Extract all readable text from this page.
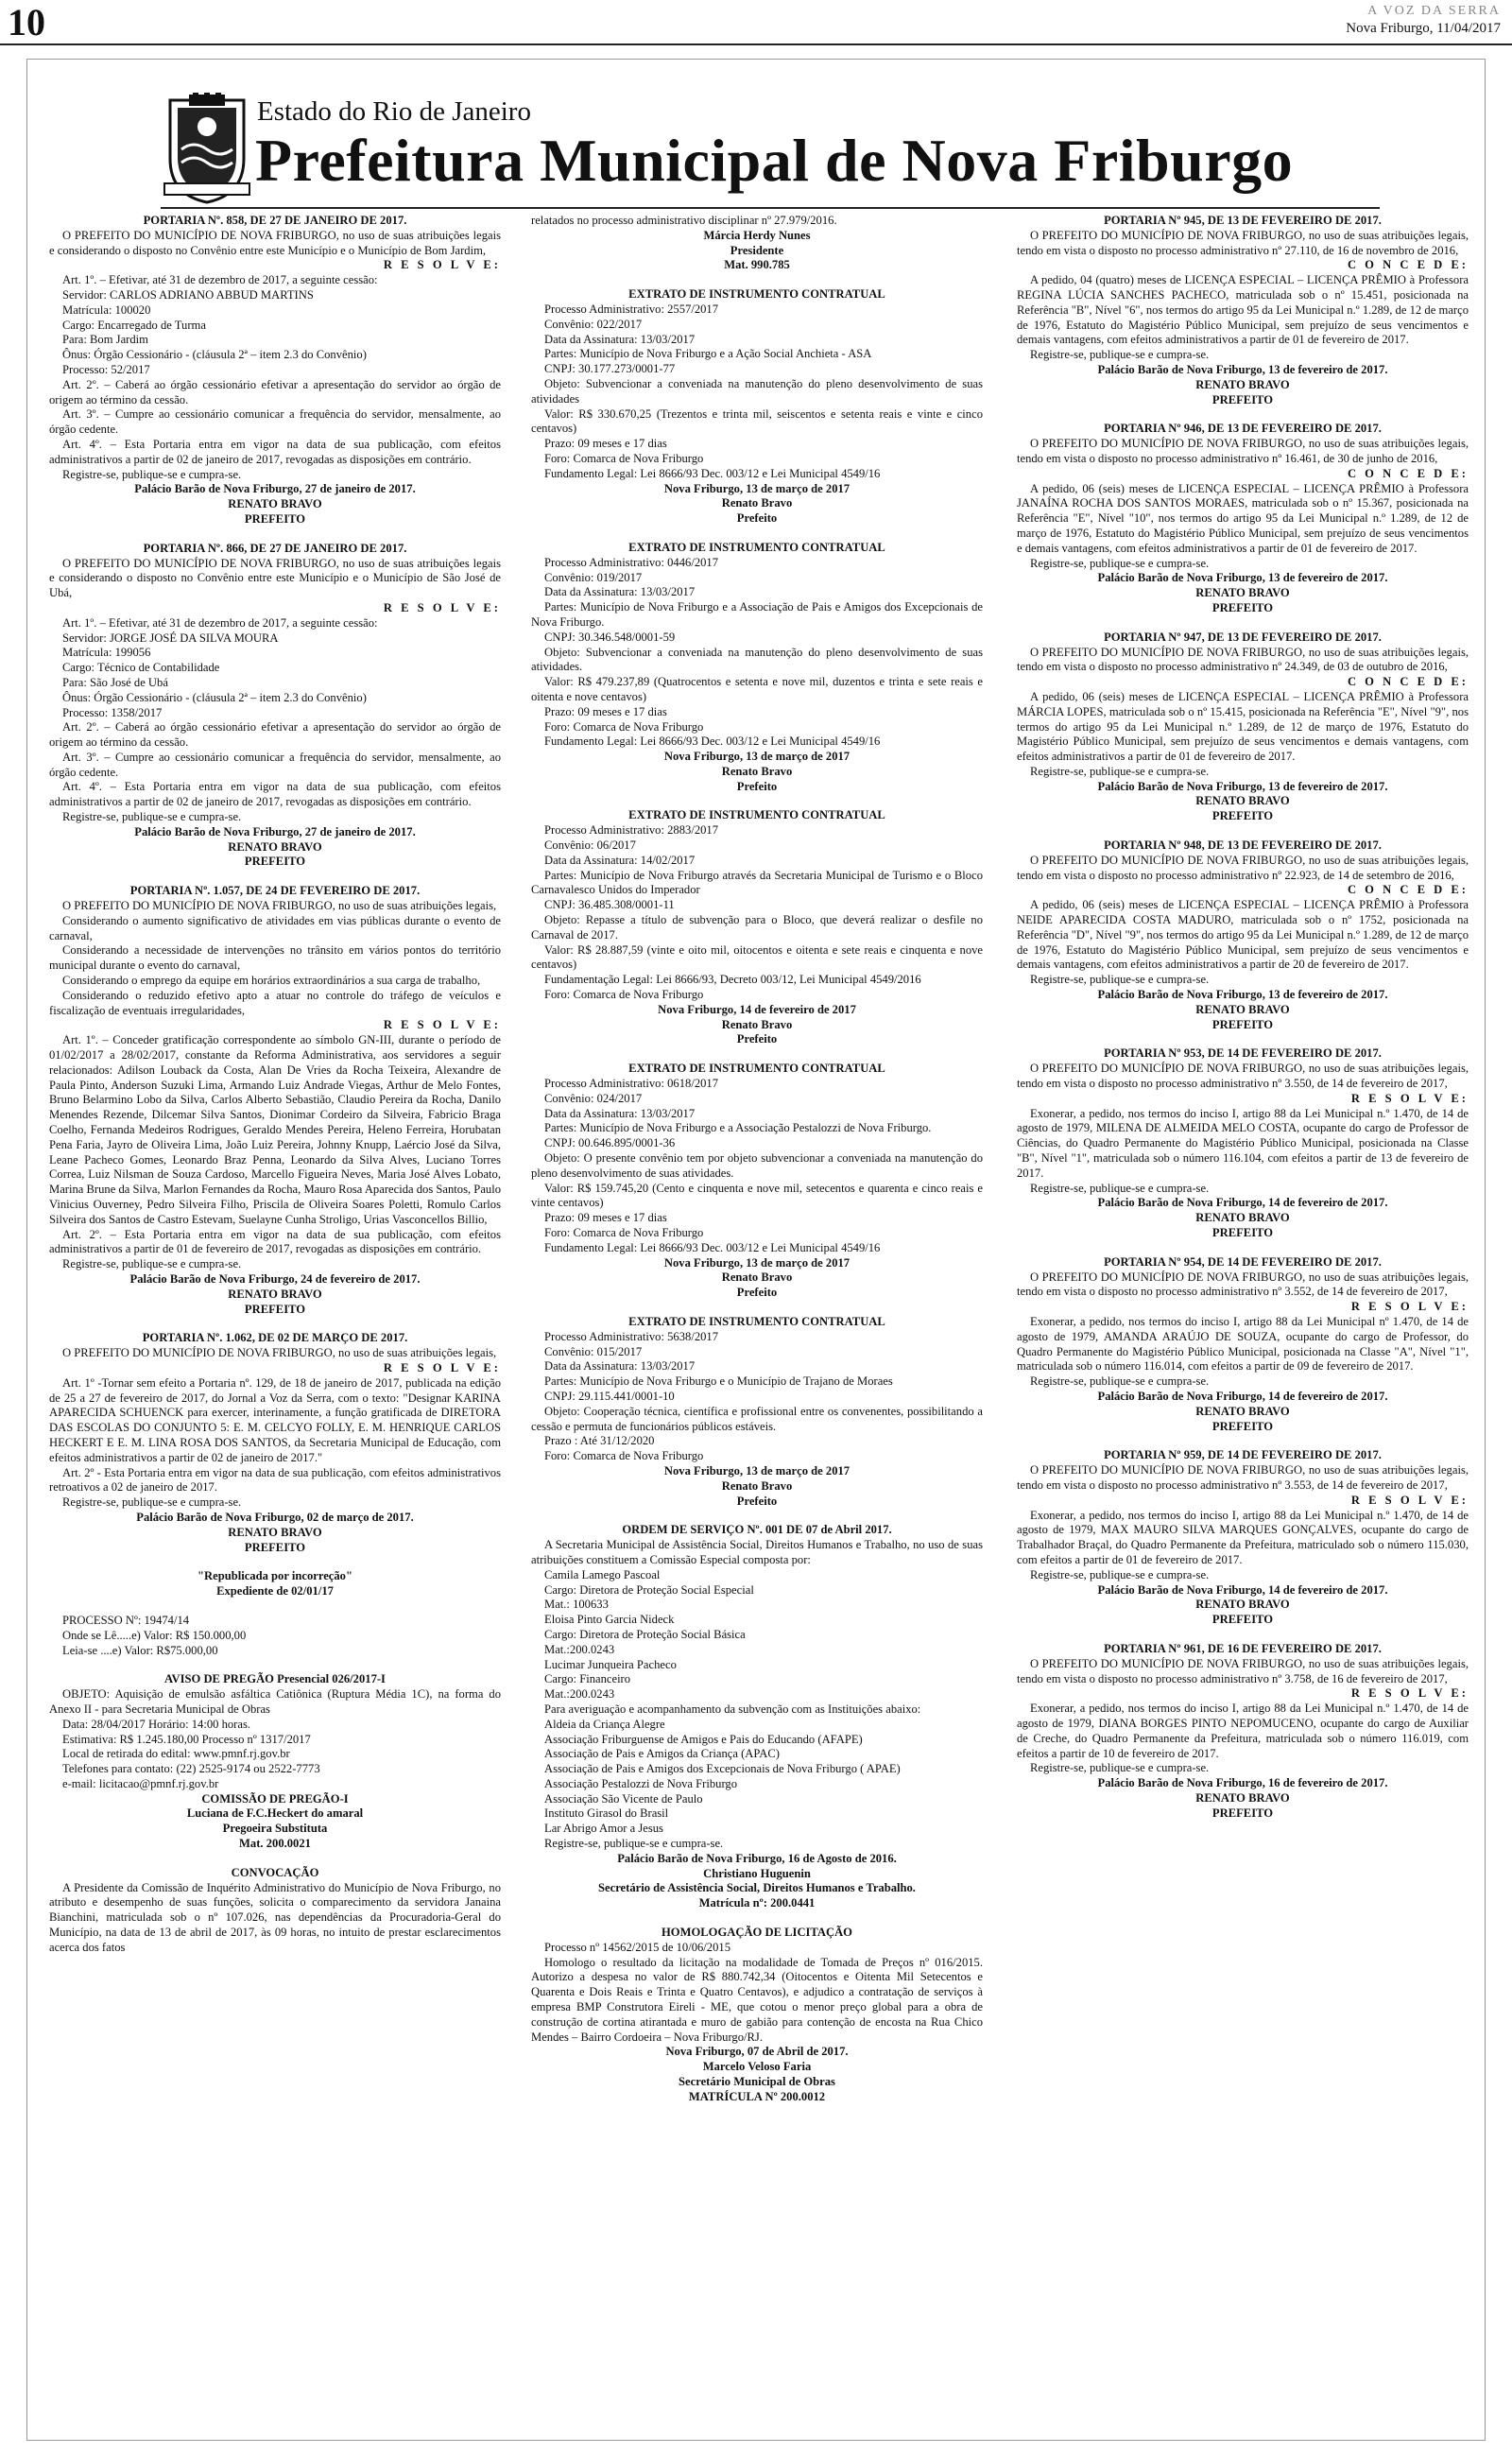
10	A VOZ DA SERRA
Nova Friburgo, 11/04/2017
Estado do Rio de Janeiro
Prefeitura Municipal de Nova Friburgo

PORTARIA Nº. 858, DE 27 DE JANEIRO DE 2017.

O PREFEITO DO MUNICÍPIO DE NOVA FRIBURGO, no uso de suas atribuições legais e considerando o disposto no Convênio entre este Município e o Município de Bom Jardim,

R E S O L V E:

Art. 1º. – Efetivar, até 31 de dezembro de 2017, a seguinte cessão:

Servidor: CARLOS ADRIANO ABBUD MARTINS

Matrícula: 100020

Cargo: Encarregado de Turma

Para: Bom Jardim

Ônus: Órgão Cessionário - (cláusula 2ª – item 2.3 do Convênio)

Processo: 52/2017

Art. 2º. – Caberá ao órgão cessionário efetivar a apresentação do servidor ao órgão de origem ao término da cessão.

Art. 3º. – Cumpre ao cessionário comunicar a frequência do servidor, mensalmente, ao órgão cedente.

Art. 4º. – Esta Portaria entra em vigor na data de sua publicação, com efeitos administrativos a partir de 02 de janeiro de 2017, revogadas as disposições em contrário.

Registre-se, publique-se e cumpra-se.

Palácio Barão de Nova Friburgo, 27 de janeiro de 2017.

RENATO BRAVO

PREFEITO

PORTARIA Nº. 866, DE 27 DE JANEIRO DE 2017.

O PREFEITO DO MUNICÍPIO DE NOVA FRIBURGO, no uso de suas atribuições legais e considerando o disposto no Convênio entre este Município e o Município de São José de Ubá,

R E S O L V E:

Art. 1º. – Efetivar, até 31 de dezembro de 2017, a seguinte cessão:

Servidor: JORGE JOSÉ DA SILVA MOURA

Matrícula: 199056

Cargo: Técnico de Contabilidade

Para: São José de Ubá

Ônus: Órgão Cessionário - (cláusula 2ª – item 2.3 do Convênio)

Processo: 1358/2017

Art. 2º. – Caberá ao órgão cessionário efetivar a apresentação do servidor ao órgão de origem ao término da cessão.

Art. 3º. – Cumpre ao cessionário comunicar a frequência do servidor, mensalmente, ao órgão cedente.

Art. 4º. – Esta Portaria entra em vigor na data de sua publicação, com efeitos administrativos a partir de 02 de janeiro de 2017, revogadas as disposições em contrário.

Registre-se, publique-se e cumpra-se.

Palácio Barão de Nova Friburgo, 27 de janeiro de 2017.

RENATO BRAVO

PREFEITO

PORTARIA Nº. 1.057, DE 24 DE FEVEREIRO DE 2017.

O PREFEITO DO MUNICÍPIO DE NOVA FRIBURGO, no uso de suas atribuições legais,

Considerando o aumento significativo de atividades em vias públicas durante o evento de carnaval,

Considerando a necessidade de intervenções no trânsito em vários pontos do território municipal durante o evento do carnaval,

Considerando o emprego da equipe em horários extraordinários a sua carga de trabalho,

Considerando o reduzido efetivo apto a atuar no controle do tráfego de veículos e fiscalização de eventuais irregularidades,

R E S O L V E:

Art. 1º. – Conceder gratificação correspondente ao símbolo GN-III, durante o período de 01/02/2017 a 28/02/2017, constante da Reforma Administrativa, aos servidores a seguir relacionados: Adilson Louback da Costa, Alan De Vries da Rocha Teixeira, Alexandre de Paula Pinto, Anderson Suzuki Lima, Armando Luiz Andrade Viegas, Arthur de Melo Fontes, Bruno Belarmino Lobo da Silva, Carlos Alberto Sebastião, Claudio Pereira da Rocha, Danilo Menendes Rezende, Dilcemar Silva Santos, Dionimar Cordeiro da Silveira, Fabricio Braga Coelho, Fernanda Medeiros Rodrigues, Geraldo Mendes Pereira, Heleno Ferreira, Horubatan Pena Faria, Jayro de Oliveira Lima, João Luiz Pereira, Johnny Knupp, Laércio José da Silva, Leane Pacheco Gomes, Leonardo Braz Penna, Leonardo da Silva Alves, Luciano Torres Correa, Luiz Nilsman de Souza Cardoso, Marcello Figueira Neves, Maria José Alves Lobato, Marina Brune da Silva, Marlon Fernandes da Rocha, Mauro Rosa Aparecida dos Santos, Paulo Vinicius Ouverney, Pedro Silveira Filho, Priscila de Oliveira Soares Poletti, Romulo Carlos Silveira dos Santos de Castro Estevam, Suelayne Cunha Stroligo, Urias Vasconcellos Billio,

Art. 2º. – Esta Portaria entra em vigor na data de sua publicação, com efeitos administrativos a partir de 01 de fevereiro de 2017, revogadas as disposições em contrário.

Registre-se, publique-se e cumpra-se.

Palácio Barão de Nova Friburgo, 24 de fevereiro de 2017.

RENATO BRAVO

PREFEITO

PORTARIA Nº. 1.062, DE 02 DE MARÇO DE 2017.

O PREFEITO DO MUNICÍPIO DE NOVA FRIBURGO, no uso de suas atribuições legais,

R E S O L V E:

Art. 1º -Tornar sem efeito a Portaria nº. 129, de 18 de janeiro de 2017, publicada na edição de 25 a 27 de fevereiro de 2017, do Jornal a Voz da Serra, com o texto: "Designar KARINA APARECIDA SCHUENCK para exercer, interinamente, a função gratificada de DIRETORA DAS ESCOLAS DO CONJUNTO 5: E. M. CELCYO FOLLY, E. M. HENRIQUE CARLOS HECKERT E E. M. LINA ROSA DOS SANTOS, da Secretaria Municipal de Educação, com efeitos administrativos a partir de 02 de janeiro de 2017."

Art. 2º - Esta Portaria entra em vigor na data de sua publicação, com efeitos administrativos retroativos a 02 de janeiro de 2017.

Registre-se, publique-se e cumpra-se.

Palácio Barão de Nova Friburgo, 02 de março de 2017.

RENATO BRAVO

PREFEITO

"Republicada por incorreção"

Expediente de 02/01/17

PROCESSO Nº: 19474/14

Onde se Lê.....e) Valor: R$ 150.000,00

Leia-se ....e) Valor: R$75.000,00

AVISO DE PREGÃO Presencial 026/2017-I

OBJETO: Aquisição de emulsão asfáltica Catiônica (Ruptura Média 1C), na forma do Anexo II - para Secretaria Municipal de Obras

Data: 28/04/2017 Horário: 14:00 horas.

Estimativa: R$ 1.245.180,00 Processo nº 1317/2017

Local de retirada do edital: www.pmnf.rj.gov.br

Telefones para contato: (22) 2525-9174 ou 2522-7773

e-mail: licitacao@pmnf.rj.gov.br

COMISSÃO DE PREGÃO-I

Luciana de F.C.Heckert do amaral

Pregoeira Substituta

Mat. 200.0021

CONVOCAÇÃO

A Presidente da Comissão de Inquérito Administrativo do Município de Nova Friburgo, no atributo e desempenho de suas funções, solicita o comparecimento da servidora Janaina Bianchini, matriculada sob o nº 107.026, nas dependências da Procuradoria-Geral do Município, na data de 13 de abril de 2017, às 09 horas, no intuito de prestar esclarecimentos acerca dos fatos

relatados no processo administrativo disciplinar nº 27.979/2016.

Márcia Herdy Nunes

Presidente

Mat. 990.785

EXTRATO DE INSTRUMENTO CONTRATUAL

Processo Administrativo: 2557/2017

Convênio: 022/2017

Data da Assinatura: 13/03/2017

Partes: Município de Nova Friburgo e a Ação Social Anchieta - ASA

CNPJ: 30.177.273/0001-77

Objeto: Subvencionar a conveniada na manutenção do pleno desenvolvimento de suas atividades

Valor: R$ 330.670,25 (Trezentos e trinta mil, seiscentos e setenta reais e vinte e cinco centavos)

Prazo: 09 meses e 17 dias

Foro: Comarca de Nova Friburgo

Fundamento Legal: Lei 8666/93 Dec. 003/12 e Lei Municipal 4549/16

Nova Friburgo, 13 de março de 2017

Renato Bravo

Prefeito

EXTRATO DE INSTRUMENTO CONTRATUAL

Processo Administrativo: 0446/2017

Convênio: 019/2017

Data da Assinatura: 13/03/2017

Partes: Município de Nova Friburgo e a Associação de Pais e Amigos dos Excepcionais de Nova Friburgo.

CNPJ: 30.346.548/0001-59

Objeto: Subvencionar a conveniada na manutenção do pleno desenvolvimento de suas atividades.

Valor: R$ 479.237,89 (Quatrocentos e setenta e nove mil, duzentos e trinta e sete reais e oitenta e nove centavos)

Prazo: 09 meses e 17 dias

Foro: Comarca de Nova Friburgo

Fundamento Legal: Lei 8666/93 Dec. 003/12 e Lei Municipal 4549/16

Nova Friburgo, 13 de março de 2017

Renato Bravo

Prefeito

EXTRATO DE INSTRUMENTO CONTRATUAL

Processo Administrativo: 2883/2017

Convênio: 06/2017

Data da Assinatura: 14/02/2017

Partes: Município de Nova Friburgo através da Secretaria Municipal de Turismo e o Bloco Carnavalesco Unidos do Imperador

CNPJ: 36.485.308/0001-11

Objeto: Repasse a título de subvenção para o Bloco, que deverá realizar o desfile no Carnaval de 2017.

Valor: R$ 28.887,59 (vinte e oito mil, oitocentos e oitenta e sete reais e cinquenta e nove centavos)

Fundamentação Legal: Lei 8666/93, Decreto 003/12, Lei Municipal 4549/2016

Foro: Comarca de Nova Friburgo

Nova Friburgo, 14 de fevereiro de 2017

Renato Bravo

Prefeito

EXTRATO DE INSTRUMENTO CONTRATUAL

Processo Administrativo: 0618/2017

Convênio: 024/2017

Data da Assinatura: 13/03/2017

Partes: Município de Nova Friburgo e a Associação Pestalozzi de Nova Friburgo.

CNPJ: 00.646.895/0001-36

Objeto: O presente convênio tem por objeto subvencionar a conveniada na manutenção do pleno desenvolvimento de suas atividades.

Valor: R$ 159.745,20 (Cento e cinquenta e nove mil, setecentos e quarenta e cinco reais e vinte centavos)

Prazo: 09 meses e 17 dias

Foro: Comarca de Nova Friburgo

Fundamento Legal: Lei 8666/93 Dec. 003/12 e Lei Municipal 4549/16

Nova Friburgo, 13 de março de 2017

Renato Bravo

Prefeito

EXTRATO DE INSTRUMENTO CONTRATUAL

Processo Administrativo: 5638/2017

Convênio: 015/2017

Data da Assinatura: 13/03/2017

Partes: Município de Nova Friburgo e o Município de Trajano de Moraes

CNPJ: 29.115.441/0001-10

Objeto: Cooperação técnica, científica e profissional entre os convenentes, possibilitando a cessão e permuta de funcionários públicos estáveis.

Prazo : Até 31/12/2020

Foro: Comarca de Nova Friburgo

Nova Friburgo, 13 de março de 2017

Renato Bravo

Prefeito

ORDEM DE SERVIÇO Nº. 001 DE 07 de Abril 2017.

A Secretaria Municipal de Assistência Social, Direitos Humanos e Trabalho, no uso de suas atribuições constituem a Comissão Especial composta por:

Camila Lamego Pascoal

Cargo: Diretora de Proteção Social Especial

Mat.: 100633

Eloisa Pinto Garcia Nideck

Cargo: Diretora de Proteção Social Básica

Mat.:200.0243

Lucimar Junqueira Pacheco

Cargo: Financeiro

Mat.:200.0243

Para averiguação e acompanhamento da subvenção com as Instituições abaixo:

Aldeia da Criança Alegre

Associação Friburguense de Amigos e Pais do Educando (AFAPE)

Associação de Pais e Amigos da Criança (APAC)

Associação de Pais e Amigos dos Excepcionais de Nova Friburgo ( APAE)

Associação Pestalozzi de Nova Friburgo

Associação São Vicente de Paulo

Instituto Girasol do Brasil

Lar Abrigo Amor a Jesus

Registre-se, publique-se e cumpra-se.

Palácio Barão de Nova Friburgo, 16 de Agosto de 2016.

Christiano Huguenin

Secretário de Assistência Social, Direitos Humanos e Trabalho.

Matrícula nº: 200.0441

HOMOLOGAÇÃO DE LICITAÇÃO

Processo nº 14562/2015 de 10/06/2015

Homologo o resultado da licitação na modalidade de Tomada de Preços nº 016/2015. Autorizo a despesa no valor de R$ 880.742,34 (Oitocentos e Oitenta Mil Setecentos e Quarenta e Dois Reais e Trinta e Quatro Centavos), e adjudico a contratação de serviços à empresa BMP Construtora Eireli - ME, que cotou o menor preço global para a obra de construção de cortina atirantada e muro de gabião para contenção de encosta na Rua Chico Mendes – Bairro Cordoeira – Nova Friburgo/RJ.

Nova Friburgo, 07 de Abril de 2017.

Marcelo Veloso Faria

Secretário Municipal de Obras

MATRÍCULA Nº 200.0012

PORTARIA Nº 945, DE 13 DE FEVEREIRO DE 2017.

O PREFEITO DO MUNICÍPIO DE NOVA FRIBURGO, no uso de suas atribuições legais, tendo em vista o disposto no processo administrativo nº 27.110, de 16 de novembro de 2016,

C O N C E D E:

A pedido, 04 (quatro) meses de LICENÇA ESPECIAL – LICENÇA PRÊMIO à Professora REGINA LÚCIA SANCHES PACHECO, matriculada sob o nº 15.451, posicionada na Referência "B", Nível "6", nos termos do artigo 95 da Lei Municipal n.º 1.289, de 12 de março de 1976, Estatuto do Magistério Público Municipal, sem prejuízo de seus vencimentos e demais vantagens, com efeitos administrativos a partir de 01 de fevereiro de 2017.

Registre-se, publique-se e cumpra-se.

Palácio Barão de Nova Friburgo, 13 de fevereiro de 2017.

RENATO BRAVO

PREFEITO

PORTARIA Nº 946, DE 13 DE FEVEREIRO DE 2017.

O PREFEITO DO MUNICÍPIO DE NOVA FRIBURGO, no uso de suas atribuições legais, tendo em vista o disposto no processo administrativo nº 16.461, de 30 de junho de 2016,

C O N C E D E:

A pedido, 06 (seis) meses de LICENÇA ESPECIAL – LICENÇA PRÊMIO à Professora JANAÍNA ROCHA DOS SANTOS MORAES, matriculada sob o nº 15.367, posicionada na Referência "E", Nível "10", nos termos do artigo 95 da Lei Municipal n.º 1.289, de 12 de março de 1976, Estatuto do Magistério Público Municipal, sem prejuízo de seus vencimentos e demais vantagens, com efeitos administrativos a partir de 01 de fevereiro de 2017.

Registre-se, publique-se e cumpra-se.

Palácio Barão de Nova Friburgo, 13 de fevereiro de 2017.

RENATO BRAVO

PREFEITO

PORTARIA Nº 947, DE 13 DE FEVEREIRO DE 2017.

O PREFEITO DO MUNICÍPIO DE NOVA FRIBURGO, no uso de suas atribuições legais, tendo em vista o disposto no processo administrativo nº 24.349, de 03 de outubro de 2016,

C O N C E D E:

A pedido, 06 (seis) meses de LICENÇA ESPECIAL – LICENÇA PRÊMIO à Professora MÁRCIA LOPES, matriculada sob o nº 15.415, posicionada na Referência "E", Nível "9", nos termos do artigo 95 da Lei Municipal n.º 1.289, de 12 de março de 1976, Estatuto do Magistério Público Municipal, sem prejuízo de seus vencimentos e demais vantagens, com efeitos administrativos a partir de 01 de fevereiro de 2017.

Registre-se, publique-se e cumpra-se.

Palácio Barão de Nova Friburgo, 13 de fevereiro de 2017.

RENATO BRAVO

PREFEITO

PORTARIA Nº 948, DE 13 DE FEVEREIRO DE 2017.

O PREFEITO DO MUNICÍPIO DE NOVA FRIBURGO, no uso de suas atribuições legais, tendo em vista o disposto no processo administrativo nº 22.923, de 14 de setembro de 2016,

C O N C E D E:

A pedido, 06 (seis) meses de LICENÇA ESPECIAL – LICENÇA PRÊMIO à Professora NEIDE APARECIDA COSTA MADURO, matriculada sob o nº 1752, posicionada na Referência "D", Nível "9", nos termos do artigo 95 da Lei Municipal n.º 1.289, de 12 de março de 1976, Estatuto do Magistério Público Municipal, sem prejuízo de seus vencimentos e demais vantagens, com efeitos administrativos a partir de 20 de fevereiro de 2017.

Registre-se, publique-se e cumpra-se.

Palácio Barão de Nova Friburgo, 13 de fevereiro de 2017.

RENATO BRAVO

PREFEITO

PORTARIA Nº 953, DE 14 DE FEVEREIRO DE 2017.

O PREFEITO DO MUNICÍPIO DE NOVA FRIBURGO, no uso de suas atribuições legais, tendo em vista o disposto no processo administrativo nº 3.550, de 14 de fevereiro de 2017,

R E S O L V E:

Exonerar, a pedido, nos termos do inciso I, artigo 88 da Lei Municipal n.º 1.470, de 14 de agosto de 1979, MILENA DE ALMEIDA MELO COSTA, ocupante do cargo de Professor de Ciências, do Quadro Permanente do Magistério Público Municipal, posicionada na Classe "B", Nível "1", matriculada sob o número 116.104, com efeitos a partir de 13 de fevereiro de 2017.

Registre-se, publique-se e cumpra-se.

Palácio Barão de Nova Friburgo, 14 de fevereiro de 2017.

RENATO BRAVO

PREFEITO

PORTARIA Nº 954, DE 14 DE FEVEREIRO DE 2017.

O PREFEITO DO MUNICÍPIO DE NOVA FRIBURGO, no uso de suas atribuições legais, tendo em vista o disposto no processo administrativo nº 3.552, de 14 de fevereiro de 2017,

R E S O L V E:

Exonerar, a pedido, nos termos do inciso I, artigo 88 da Lei Municipal nº 1.470, de 14 de agosto de 1979, AMANDA ARAÚJO DE SOUZA, ocupante do cargo de Professor, do Quadro Permanente do Magistério Público Municipal, posicionada na Classe "A", Nível "1", matriculada sob o número 116.014, com efeitos a partir de 09 de fevereiro de 2017.

Registre-se, publique-se e cumpra-se.

Palácio Barão de Nova Friburgo, 14 de fevereiro de 2017.

RENATO BRAVO

PREFEITO

PORTARIA Nº 959, DE 14 DE FEVEREIRO DE 2017.

O PREFEITO DO MUNICÍPIO DE NOVA FRIBURGO, no uso de suas atribuições legais, tendo em vista o disposto no processo administrativo nº 3.553, de 14 de fevereiro de 2017,

R E S O L V E:

Exonerar, a pedido, nos termos do inciso I, artigo 88 da Lei Municipal n.º 1.470, de 14 de agosto de 1979, MAX MAURO SILVA MARQUES GONÇALVES, ocupante do cargo de Trabalhador Braçal, do Quadro Permanente da Prefeitura, matriculado sob o número 115.030, com efeitos a partir de 01 de fevereiro de 2017.

Registre-se, publique-se e cumpra-se.

Palácio Barão de Nova Friburgo, 14 de fevereiro de 2017.

RENATO BRAVO

PREFEITO

PORTARIA Nº 961, DE 16 DE FEVEREIRO DE 2017.

O PREFEITO DO MUNICÍPIO DE NOVA FRIBURGO, no uso de suas atribuições legais, tendo em vista o disposto no processo administrativo nº 3.758, de 16 de fevereiro de 2017,

R E S O L V E:

Exonerar, a pedido, nos termos do inciso I, artigo 88 da Lei Municipal n.º 1.470, de 14 de agosto de 1979, DIANA BORGES PINTO NEPOMUCENO, ocupante do cargo de Auxiliar de Creche, do Quadro Permanente da Prefeitura, matriculada sob o número 116.019, com efeitos a partir de 10 de fevereiro de 2017.

Registre-se, publique-se e cumpra-se.

Palácio Barão de Nova Friburgo, 16 de fevereiro de 2017.

RENATO BRAVO

PREFEITO
